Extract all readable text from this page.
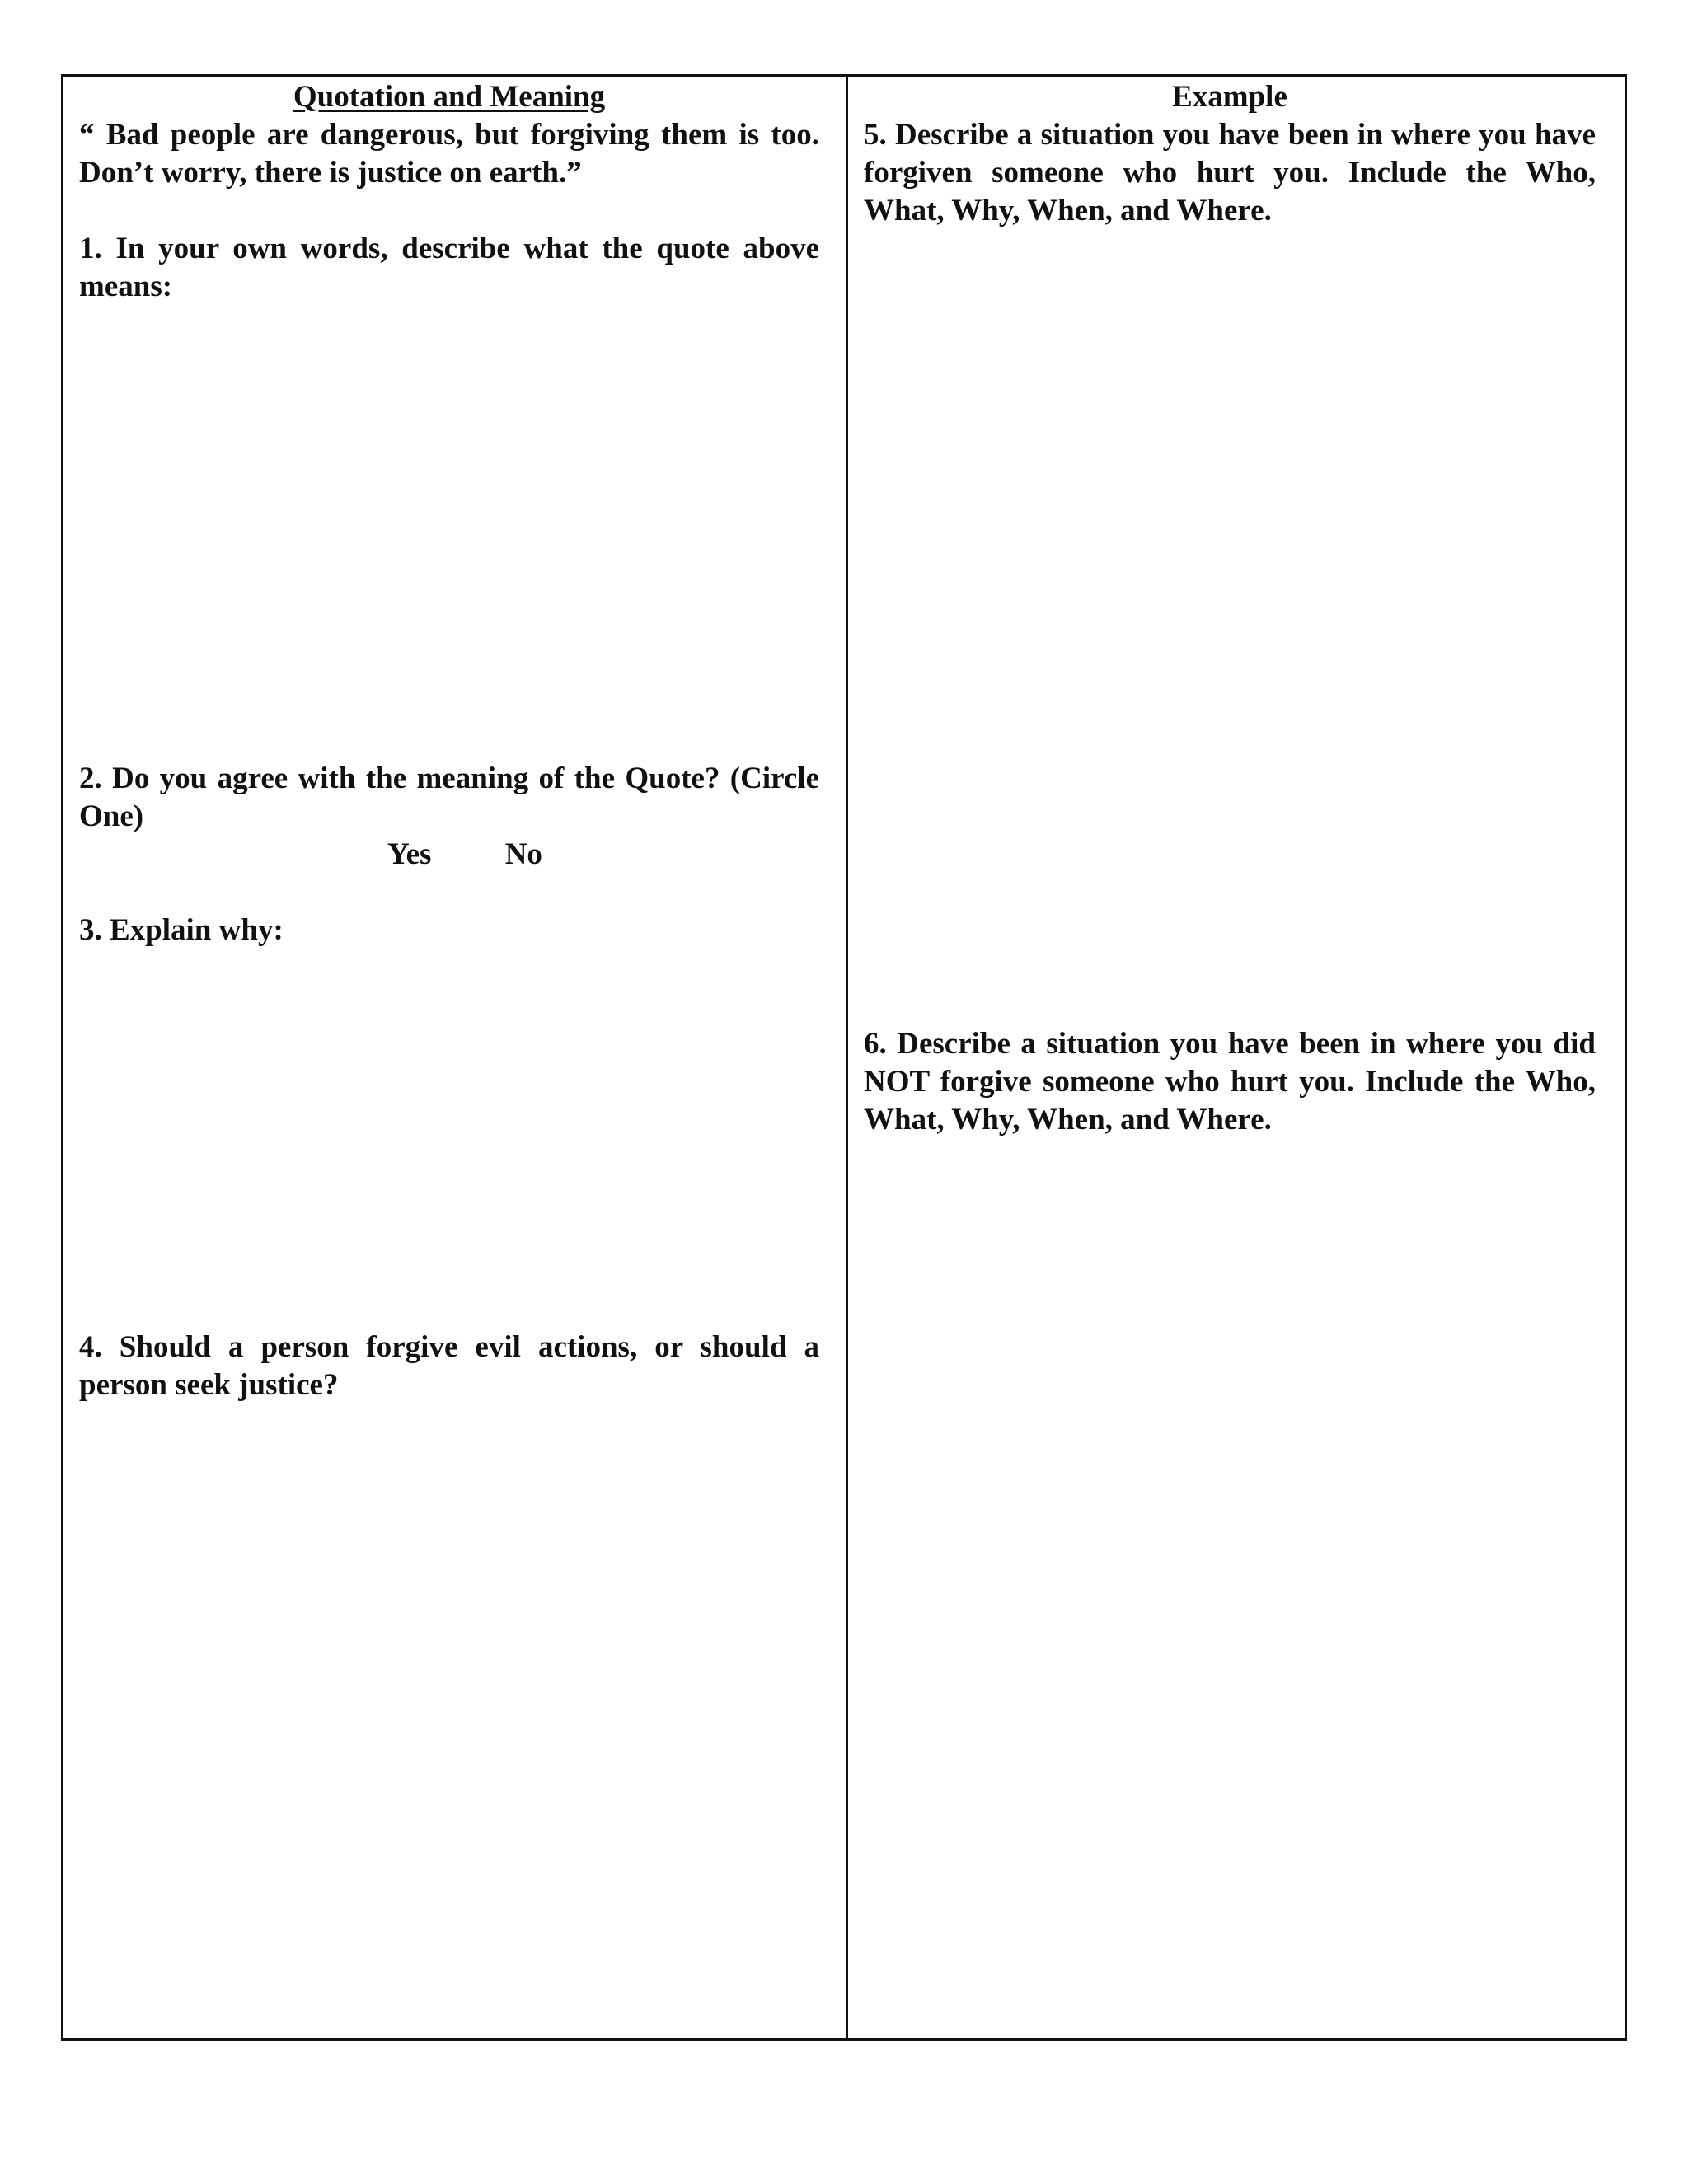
Quotation and Meaning

“ Bad people are dangerous, but forgiving them is too. Don’t worry, there is justice on earth.”

1. In your own words, describe what the quote above means:

2. Do you agree with the meaning of the Quote? (Circle One)

Yes No

3. Explain why:

4. Should a person forgive evil actions, or should a person seek justice?

Example

5. Describe a situation you have been in where you have forgiven someone who hurt you. Include the Who, What, Why, When, and Where.

6. Describe a situation you have been in where you did NOT forgive someone who hurt you. Include the Who, What, Why, When, and Where.
